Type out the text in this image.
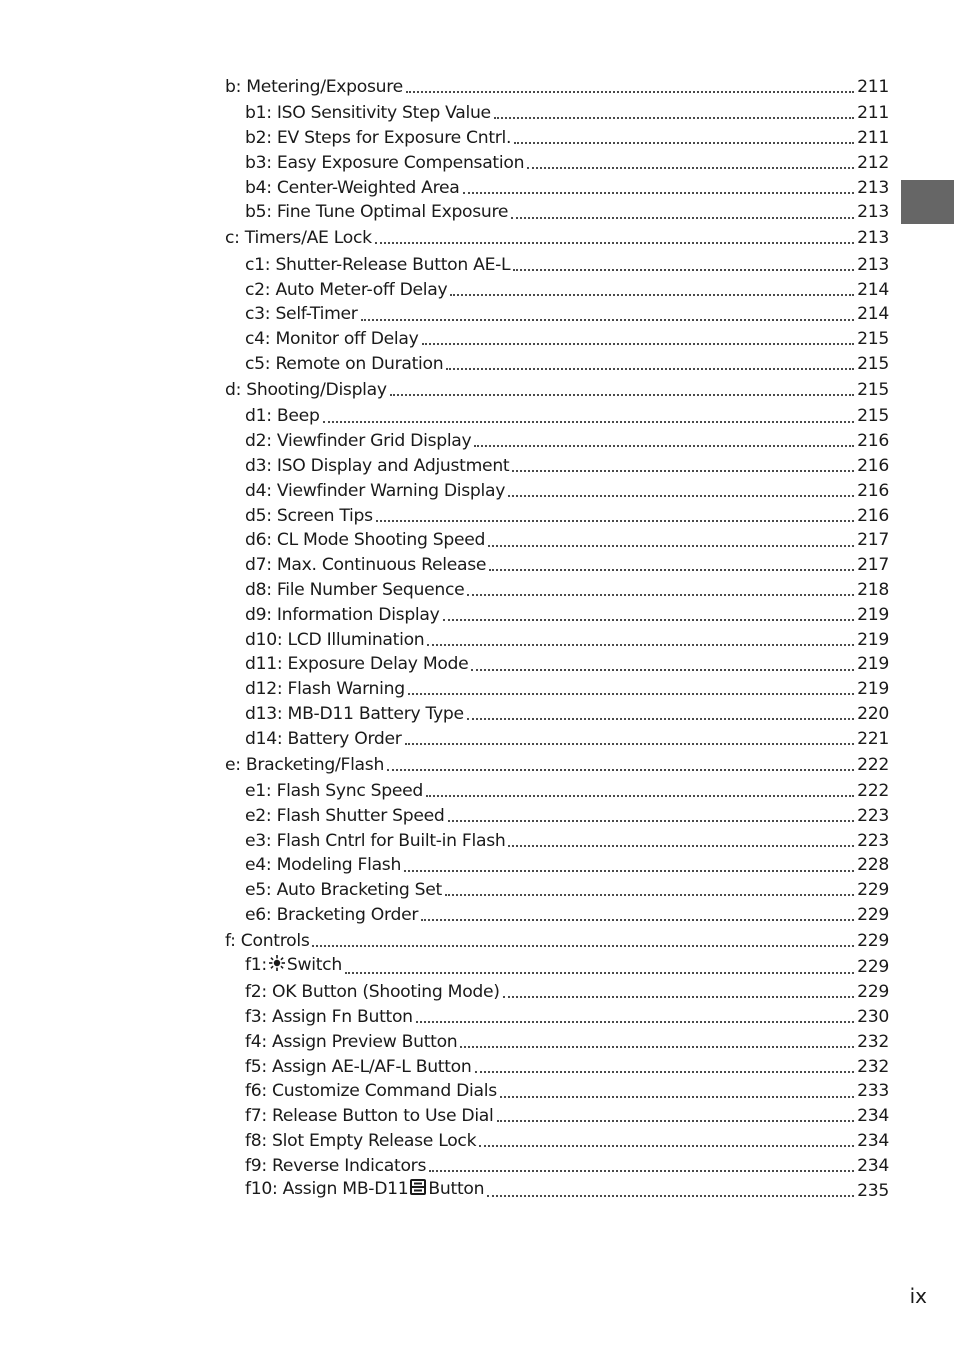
b: Metering/Exposure	211
b1: ISO Sensitivity Step Value	211
b2: EV Steps for Exposure Cntrl.	211
b3: Easy Exposure Compensation	212
b4: Center-Weighted Area	213
b5: Fine Tune Optimal Exposure	213
c: Timers/AE Lock	213
c1: Shutter-Release Button AE-L	213
c2: Auto Meter-off Delay	214
c3: Self-Timer	214
c4: Monitor off Delay	215
c5: Remote on Duration	215
d: Shooting/Display	215
d1: Beep	215
d2: Viewfinder Grid Display	216
d3: ISO Display and Adjustment	216
d4: Viewfinder Warning Display	216
d5: Screen Tips	216
d6: CL Mode Shooting Speed	217
d7: Max. Continuous Release	217
d8: File Number Sequence	218
d9: Information Display	219
d10: LCD Illumination	219
d11: Exposure Delay Mode	219
d12: Flash Warning	219
d13: MB-D11 Battery Type	220
d14: Battery Order	221
e: Bracketing/Flash	222
e1: Flash Sync Speed	222
e2: Flash Shutter Speed	223
e3: Flash Cntrl for Built-in Flash	223
e4: Modeling Flash	228
e5: Auto Bracketing Set	229
e6: Bracketing Order	229
f: Controls	229
f1: Switch	229
f2: OK Button (Shooting Mode)	229
f3: Assign Fn Button	230
f4: Assign Preview Button	232
f5: Assign AE-L/AF-L Button	232
f6: Customize Command Dials	233
f7: Release Button to Use Dial	234
f8: Slot Empty Release Lock	234
f9: Reverse Indicators	234
f10: Assign MB-D11 Button	235
ix
